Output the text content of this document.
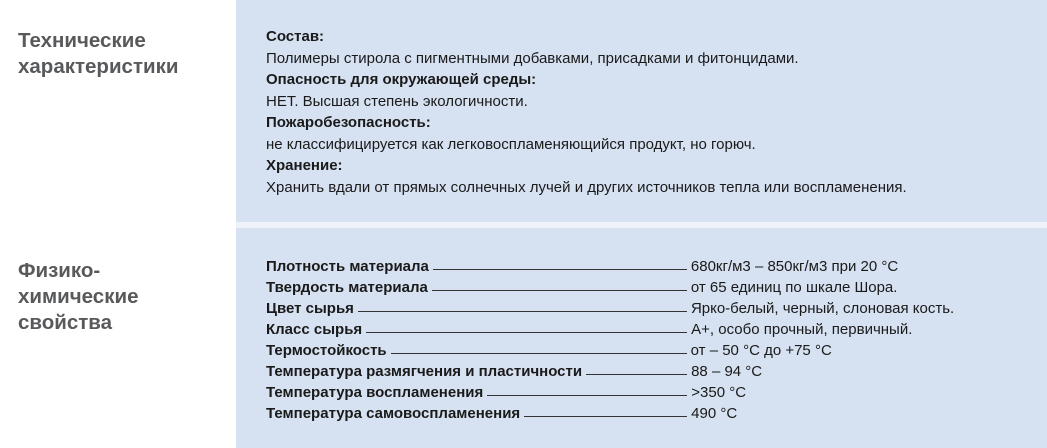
Технические характеристики
Состав:
Полимеры стирола с пигментными добавками, присадками и фитонцидами.
Опасность для окружающей среды:
НЕТ. Высшая степень экологичности.
Пожаробезопасность:
не классифицируется как легковоспламеняющийся продукт, но горюч.
Хранение:
Хранить вдали от прямых солнечных лучей и других источников тепла или воспламенения.
Физико-химические свойства
Плотность материала	680кг/м3 – 850кг/м3 при 20 °С
Твердость материала	от 65 единиц по шкале Шора.
Цвет сырья	Ярко-белый, черный, слоновая кость.
Класс сырья	А+, особо прочный, первичный.
Термостойкость	от – 50 °С до +75 °С
Температура размягчения и пластичности	88 – 94 °С
Температура воспламенения	>350 °С
Температура самовоспламенения	490 °С
